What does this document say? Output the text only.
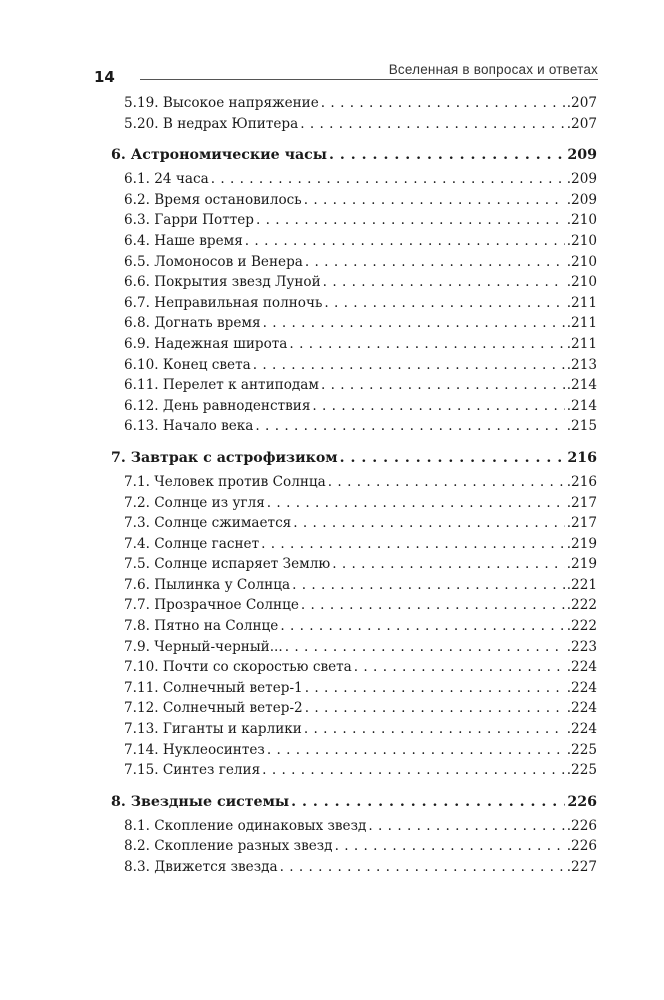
14	Вселенная в вопросах и ответах
5.19. Высокое напряжение . . .	.207
5.20. В недрах Юпитера . . .	.207
6. Астрономические часы . . .	209
6.1. 24 часа . . .	.209
6.2. Время остановилось . . .	.209
6.3. Гарри Поттер . . .	.210
6.4. Наше время . . .	.210
6.5. Ломоносов и Венера . . .	.210
6.6. Покрытия звезд Луной . . .	.210
6.7. Неправильная полночь . . .	.211
6.8. Догнать время . . .	.211
6.9. Надежная широта . . .	.211
6.10. Конец света . . .	.213
6.11. Перелет к антиподам . . .	.214
6.12. День равноденствия . . .	.214
6.13. Начало века . . .	.215
7. Завтрак с астрофизиком . . .	216
7.1. Человек против Солнца . . .	.216
7.2. Солнце из угля . . .	.217
7.3. Солнце сжимается . . .	.217
7.4. Солнце гаснет . . .	.219
7.5. Солнце испаряет Землю . . .	.219
7.6. Пылинка у Солнца . . .	.221
7.7. Прозрачное Солнце . . .	.222
7.8. Пятно на Солнце . . .	.222
7.9. Черный-черный... . . .	.223
7.10. Почти со скоростью света . . .	.224
7.11. Солнечный ветер-1 . . .	.224
7.12. Солнечный ветер-2 . . .	.224
7.13. Гиганты и карлики . . .	.224
7.14. Нуклеосинтез . . .	.225
7.15. Синтез гелия . . .	.225
8. Звездные системы . . .	226
8.1. Скопление одинаковых звезд . . .	.226
8.2. Скопление разных звезд . . .	.226
8.3. Движется звезда . . .	.227
